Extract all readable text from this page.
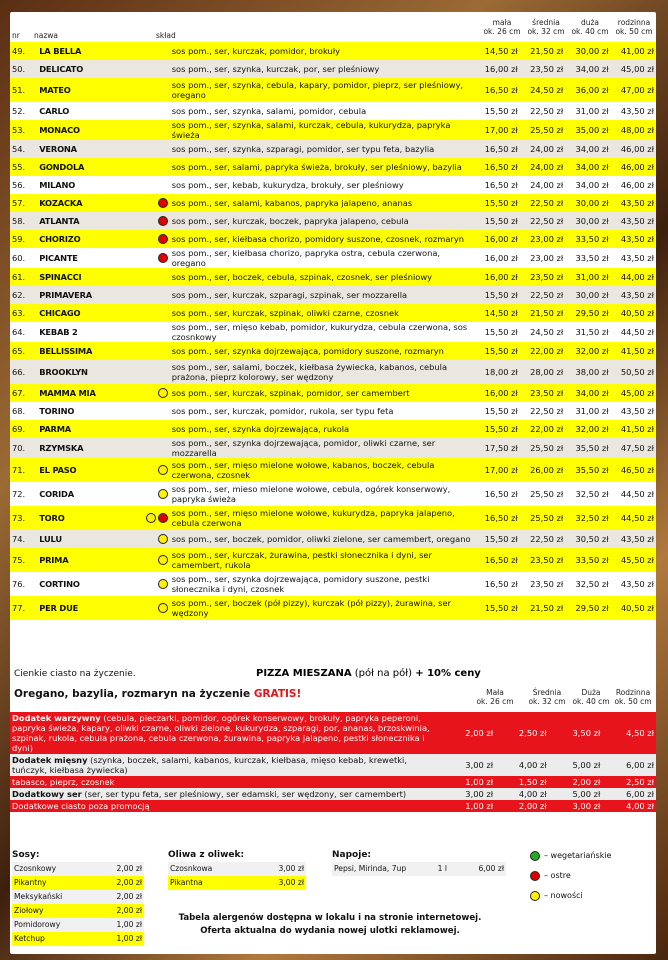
nr nazwa	skład
mała
ok. 26 cm
średnia
ok. 32 cm
duża
ok. 40 cm
rodzinna
ok. 50 cm
49.	LA BELLA		sos pom., ser, kurczak, pomidor, brokuły	14,50 zł	21,50 zł	30,00 zł	41,00 zł
50.	DELICATO		sos pom., ser, szynka, kurczak, por, ser pleśniowy	16,00 zł	23,50 zł	34,00 zł	45,00 zł
51.	MATEO		sos pom., ser, szynka, cebula, kapary, pomidor, pieprz, ser pleśniowy, oregano	16,50 zł	24,50 zł	36,00 zł	47,00 zł
52.	CARLO		sos pom., ser, szynka, salami, pomidor, cebula	15,50 zł	22,50 zł	31,00 zł	43,50 zł
53.	MONACO		sos pom., ser, szynka, salami, kurczak, cebula, kukurydza, papryka świeża	17,00 zł	25,50 zł	35,00 zł	48,00 zł
54.	VERONA		sos pom., ser, szynka, szparagi, pomidor, ser typu feta, bazylia	16,50 zł	24,00 zł	34,00 zł	46,00 zł
55.	GONDOLA		sos pom., ser, salami, papryka świeża, brokuły, ser pleśniowy, bazylia	16,50 zł	24,00 zł	34,00 zł	46,00 zł
56.	MILANO		sos pom., ser, kebab, kukurydza, brokuły, ser pleśniowy	16,50 zł	24,00 zł	34,00 zł	46,00 zł
57.	KOZACKA		sos pom., ser, salami, kabanos, papryka jalapeno, ananas	15,50 zł	22,50 zł	30,00 zł	43,50 zł
58.	ATLANTA		sos pom., ser, kurczak, boczek, papryka jalapeno, cebula	15,50 zł	22,50 zł	30,00 zł	43,50 zł
59.	CHORIZO		sos pom., ser, kiełbasa chorizo, pomidory suszone, czosnek, rozmaryn	16,00 zł	23,00 zł	33,50 zł	43,50 zł
60.	PICANTE		sos pom., ser, kiełbasa chorizo, papryka ostra, cebula czerwona, oregano	16,00 zł	23,00 zł	33,50 zł	43,50 zł
61.	SPINACCI		sos pom., ser, boczek, cebula, szpinak, czosnek, ser pleśniowy	16,00 zł	23,50 zł	31,00 zł	44,00 zł
62.	PRIMAVERA		sos pom., ser, kurczak, szparagi, szpinak, ser mozzarella	15,50 zł	22,50 zł	30,00 zł	43,50 zł
63.	CHICAGO		sos pom., ser, kurczak, szpinak, oliwki czarne, czosnek	14,50 zł	21,50 zł	29,50 zł	40,50 zł
64.	KEBAB 2		sos pom., ser, mięso kebab, pomidor, kukurydza, cebula czerwona, sos czosnkowy	15,50 zł	24,50 zł	31,50 zł	44,50 zł
65.	BELLISSIMA		sos pom., ser, szynka dojrzewająca, pomidory suszone, rozmaryn	15,50 zł	22,00 zł	32,00 zł	41,50 zł
66.	BROOKLYN		sos pom., ser, salami, boczek, kiełbasa żywiecka, kabanos, cebula prażona, pieprz kolorowy, ser wędzony	18,00 zł	28,00 zł	38,00 zł	50,50 zł
67.	MAMMA MIA		sos pom., ser, kurczak, szpinak, pomidor, ser camembert	16,00 zł	23,50 zł	34,00 zł	45,00 zł
68.	TORINO		sos pom., ser, kurczak, pomidor, rukola, ser typu feta	15,50 zł	22,50 zł	31,00 zł	43,50 zł
69.	PARMA		sos pom., ser, szynka dojrzewająca, rukola	15,50 zł	22,00 zł	32,00 zł	41,50 zł
70.	RZYMSKA		sos pom., ser, szynka dojrzewająca, pomidor, oliwki czarne, ser mozzarella	17,50 zł	25,50 zł	35,50 zł	47,50 zł
71.	EL PASO		sos pom., ser, mięso mielone wołowe, kabanos, boczek, cebula czerwona, czosnek	17,00 zł	26,00 zł	35,50 zł	46,50 zł
72.	CORIDA		sos pom., ser, mieso mielone wołowe, cebula, ogórek konserwowy, papryka świeża	16,50 zł	25,50 zł	32,50 zł	44,50 zł
73.	TORO		sos pom., ser, mięso mielone wołowe, kukurydza, papryka jalapeno, cebula czerwona	16,50 zł	25,50 zł	32,50 zł	44,50 zł
74.	LULU		sos pom., ser, boczek, pomidor, oliwki zielone, ser camembert, oregano	15,50 zł	22,50 zł	30,50 zł	43,50 zł
75.	PRIMA		sos pom., ser, kurczak, żurawina, pestki słonecznika i dyni, ser camembert, rukola	16,50 zł	23,50 zł	33,50 zł	45,50 zł
76.	CORTINO		sos pom., ser, szynka dojrzewająca, pomidory suszone, pestki słonecznika i dyni, czosnek	16,50 zł	23,50 zł	32,50 zł	43,50 zł
77.	PER DUE		sos pom., ser, boczek (pół pizzy), kurczak (pół pizzy), żurawina, ser wędzony	15,50 zł	21,50 zł	29,50 zł	40,50 zł
Cienkie ciasto na życzenie.	PIZZA MIESZANA (pół na pół) + 10% ceny
Oregano, bazylia, rozmaryn na życzenie GRATIS!	Mała
ok. 26 cm
Średnia
ok. 32 cm
Duża
ok. 40 cm
Rodzinna
ok. 50 cm
Dodatek warzywny (cebula, pieczarki, pomidor, ogórek konserwowy, brokuły, papryka peperoni, papryka świeża, kapary, oliwki czarne, oliwki zielone, kukurydza, szparagi, por, ananas, brzoskwinia, szpinak, rukola, cebula prażona, cebula czerwona, żurawina, papryka jalapeno, pestki słonecznika i dyni)		2,00 zł	2,50 zł	3,50 zł	4,50 zł
Dodatek mięsny (szynka, boczek, salami, kabanos, kurczak, kiełbasa, mięso kebab, krewetki, tuńczyk, kiełbasa żywiecka)		3,00 zł	4,00 zł	5,00 zł	6,00 zł
tabasco, pieprz, czosnek		1,00 zł	1,50 zł	2,00 zł	2,50 zł
Dodatkowy ser (ser, ser typu feta, ser pleśniowy, ser edamski, ser wędzony, ser camembert)		3,00 zł	4,00 zł	5,00 zł	6,00 zł
Dodatkowe ciasto poza promocją		1,00 zł	2,00 zł	3,00 zł	4,00 zł
Sosy:
Czosnkowy	2,00 zł
Pikantny	2,00 zł
Meksykański	2,00 zł
Ziołowy	2,00 zł
Pomidorowy	1,00 zł
Ketchup	1,00 zł
Oliwa z oliwek:
Czosnkowa	3,00 zł
Pikantna	3,00 zł
Napoje:
Pepsi, Mirinda, 7up	1 l	6,00 zł
– wegetariańskie
– ostre
– nowości
Tabela alergenów dostępna w lokalu i na stronie internetowej.
Oferta aktualna do wydania nowej ulotki reklamowej.
